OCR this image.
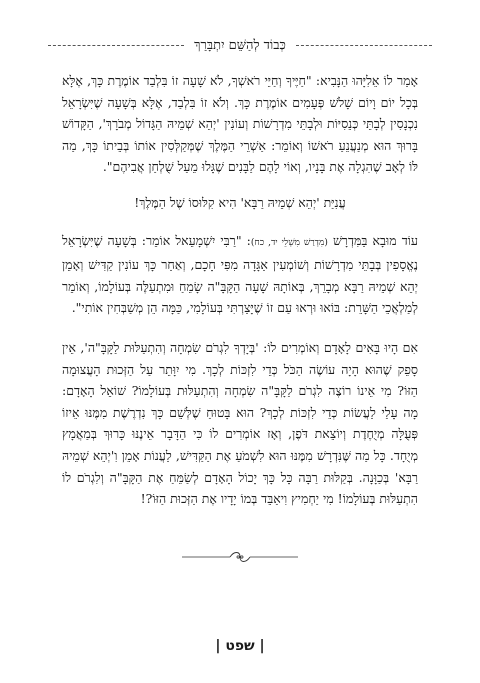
כְּבוֹד לְהַשֵּׁם יִתְבָּרַךְ

אָמַר לוֹ אֵלִיָּהוּ הַנָּבִיא: "חַיֶּיךָ וְחַיֵּי רֹאשְׁךָ, לֹא שָׁעָה זוֹ בִּלְבַד אוֹמֶרֶת כָּךְ, אֶלָּא בְּכָל יוֹם וָיוֹם שָׁלֹשׁ פְּעָמִים אוֹמֶרֶת כָּךְ. וְלֹא זוֹ בִּלְבַד, אֶלָּא בְּשָׁעָה שֶׁיִּשְׂרָאֵל נִכְנָסִין לְבָתֵּי כְּנֵסִיּוֹת וּלְבָתֵּי מִדְרָשׁוֹת וְעוֹנִין 'יְהֵא שְׁמֵיהּ הַגָּדוֹל מְבֹרָךְ', הַקָּדוֹשׁ בָּרוּךְ הוּא מְנַעֲנֵעַ רֹאשׁוֹ וְאוֹמֵר: אַשְׁרֵי הַמֶּלֶךְ שֶׁמְּקַלְּסִין אוֹתוֹ בְּבֵיתוֹ כָּךְ, מַה לּוֹ לְאָב שֶׁהִגְלָה אֶת בָּנָיו, וְאוֹי לָהֶם לַבָּנִים שֶׁגָּלוּ מֵעַל שֻׁלְחַן אֲבִיהֶם".

עֲנִיַּת 'יְהֵא שְׁמֵיהּ רַבָּא' הִיא קִלּוּסוֹ שֶׁל הַמֶּלֶךְ!

עוֹד מוּבָא בַּמִּדְרָשׁ (מִדְרַשׁ מִשְׁלֵי יד, כח): "רַבִּי יִשְׁמָעֵאל אוֹמֵר: בְּשָׁעָה שֶׁיִּשְׂרָאֵל נֶאֱסָפִין בְּבָתֵּי מִדְרָשׁוֹת וְשׁוֹמְעִין אַגָּדָה מִפִּי חָכָם, וְאַחַר כָּךְ עוֹנִין קַדִּישׁ וְאָמֵן יְהֵא שְׁמֵיהּ רַבָּא מְבָרֵךְ, בְּאוֹתָהּ שָׁעָה הַקָּבָּ"ה שָׂמֵחַ וּמִתְעַלֶּה בְּעוֹלָמוֹ, וְאוֹמֵר לְמַלְאֲכֵי הַשָּׁרֵת: בּוֹאוּ וּרְאוּ עַם זוֹ שֶׁיָּצַרְתִּי בְּעוֹלָמִי, כַּמָּה הֵן מְשַׁבְּחִין אוֹתִי".

אִם הָיוּ בָּאִים לָאָדָם וְאוֹמְרִים לוֹ: 'בְּיָדְךָ לִגְרֹם שִׂמְחָה וְהִתְעַלּוּת לַקָּבָּ"ה', אֵין סָפֵק שֶׁהוּא הָיָה עוֹשֶׂה הַכֹּל כְּדֵי לִזְכּוֹת לְכָךְ. מִי יִוָּתֵר עַל הַזְּכוּת הָעֲצוּמָה הַזּוֹ? מִי אֵינוֹ רוֹצֶה לִגְרֹם לַקָּבָּ"ה שִׂמְחָה וְהִתְעַלּוּת בְּעוֹלָמוֹ? שׁוֹאֵל הָאָדָם: מָה עָלַי לַעֲשׂוֹת כְּדֵי לִזְכּוֹת לְכָךְ? הוּא בָּטוּחַ שֶׁלְּשֵׁם כָּךְ נִדְרֶשֶׁת מִמֶּנּוּ אֵיזוֹ פְּעֻלָּה מְיֻחֶדֶת וְיוֹצֵאת דֹּפֶן, וְאָז אוֹמְרִים לוֹ כִּי הַדָּבָר אֵינֶנּוּ כָּרוּךְ בְּמַאֲמָץ מְיֻחָד. כָּל מַה שֶּׁנִּדְרָשׁ מִמֶּנּוּ הוּא לִשְׁמֹעַ אֶת הַקַּדִּישׁ, לַעֲנוֹת אָמֵן וִ'יְהֵא שְׁמֵיהּ רַבָּא' בְּכַוָּנָה. בְּקַלּוּת רַבָּה כָּל כָּךְ יָכוֹל הָאָדָם לְשַׂמֵּחַ אֶת הַקָּבָּ"ה וְלִגְרֹם לוֹ הִתְעַלּוּת בְּעוֹלָמוֹ! מִי יַחְמִיץ וִיאַבֵּד בְּמוֹ יָדָיו אֶת הַזְּכוּת הַזּוֹ?!

| שפט |
